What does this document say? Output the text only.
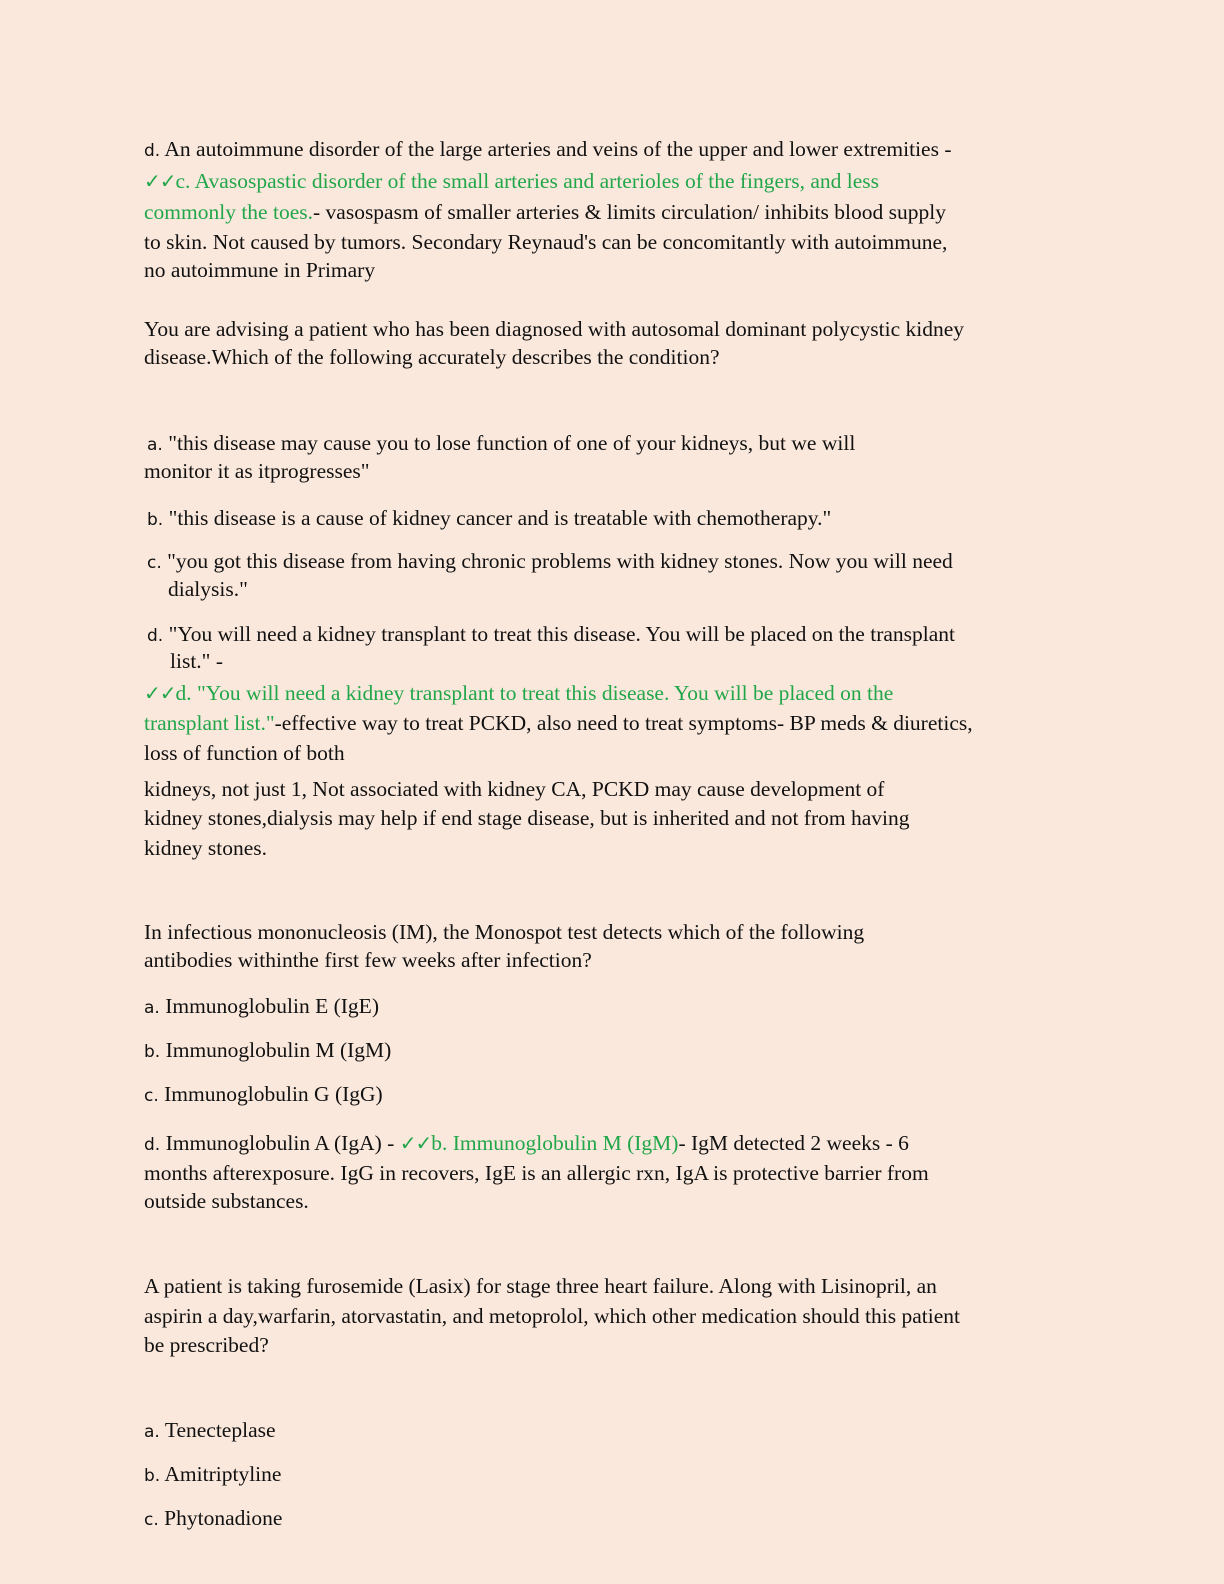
d. An autoimmune disorder of the large arteries and veins of the upper and lower extremities -
✓✓c. Avasospastic disorder of the small arteries and arterioles of the fingers, and less
commonly the toes.- vasospasm of smaller arteries & limits circulation/ inhibits blood supply
to skin. Not caused by tumors. Secondary Reynaud's can be concomitantly with autoimmune,
no autoimmune in Primary
You are advising a patient who has been diagnosed with autosomal dominant polycystic kidney
disease.Which of the following accurately describes the condition?
a. "this disease may cause you to lose function of one of your kidneys, but we will
monitor it as itprogresses"
b. "this disease is a cause of kidney cancer and is treatable with chemotherapy."
c. "you got this disease from having chronic problems with kidney stones. Now you will need
dialysis."
d. "You will need a kidney transplant to treat this disease. You will be placed on the transplant
list." -
✓✓d. "You will need a kidney transplant to treat this disease. You will be placed on the
transplant list."-effective way to treat PCKD, also need to treat symptoms- BP meds & diuretics,
loss of function of both
kidneys, not just 1, Not associated with kidney CA, PCKD may cause development of
kidney stones,dialysis may help if end stage disease, but is inherited and not from having
kidney stones.
In infectious mononucleosis (IM), the Monospot test detects which of the following
antibodies withinthe first few weeks after infection?
a. Immunoglobulin E (IgE)
b. Immunoglobulin M (IgM)
c. Immunoglobulin G (IgG)
d. Immunoglobulin A (IgA) - ✓✓b. Immunoglobulin M (IgM)- IgM detected 2 weeks - 6
months afterexposure. IgG in recovers, IgE is an allergic rxn, IgA is protective barrier from
outside substances.
A patient is taking furosemide (Lasix) for stage three heart failure. Along with Lisinopril, an
aspirin a day,warfarin, atorvastatin, and metoprolol, which other medication should this patient
be prescribed?
a. Tenecteplase
b. Amitriptyline
c. Phytonadione
